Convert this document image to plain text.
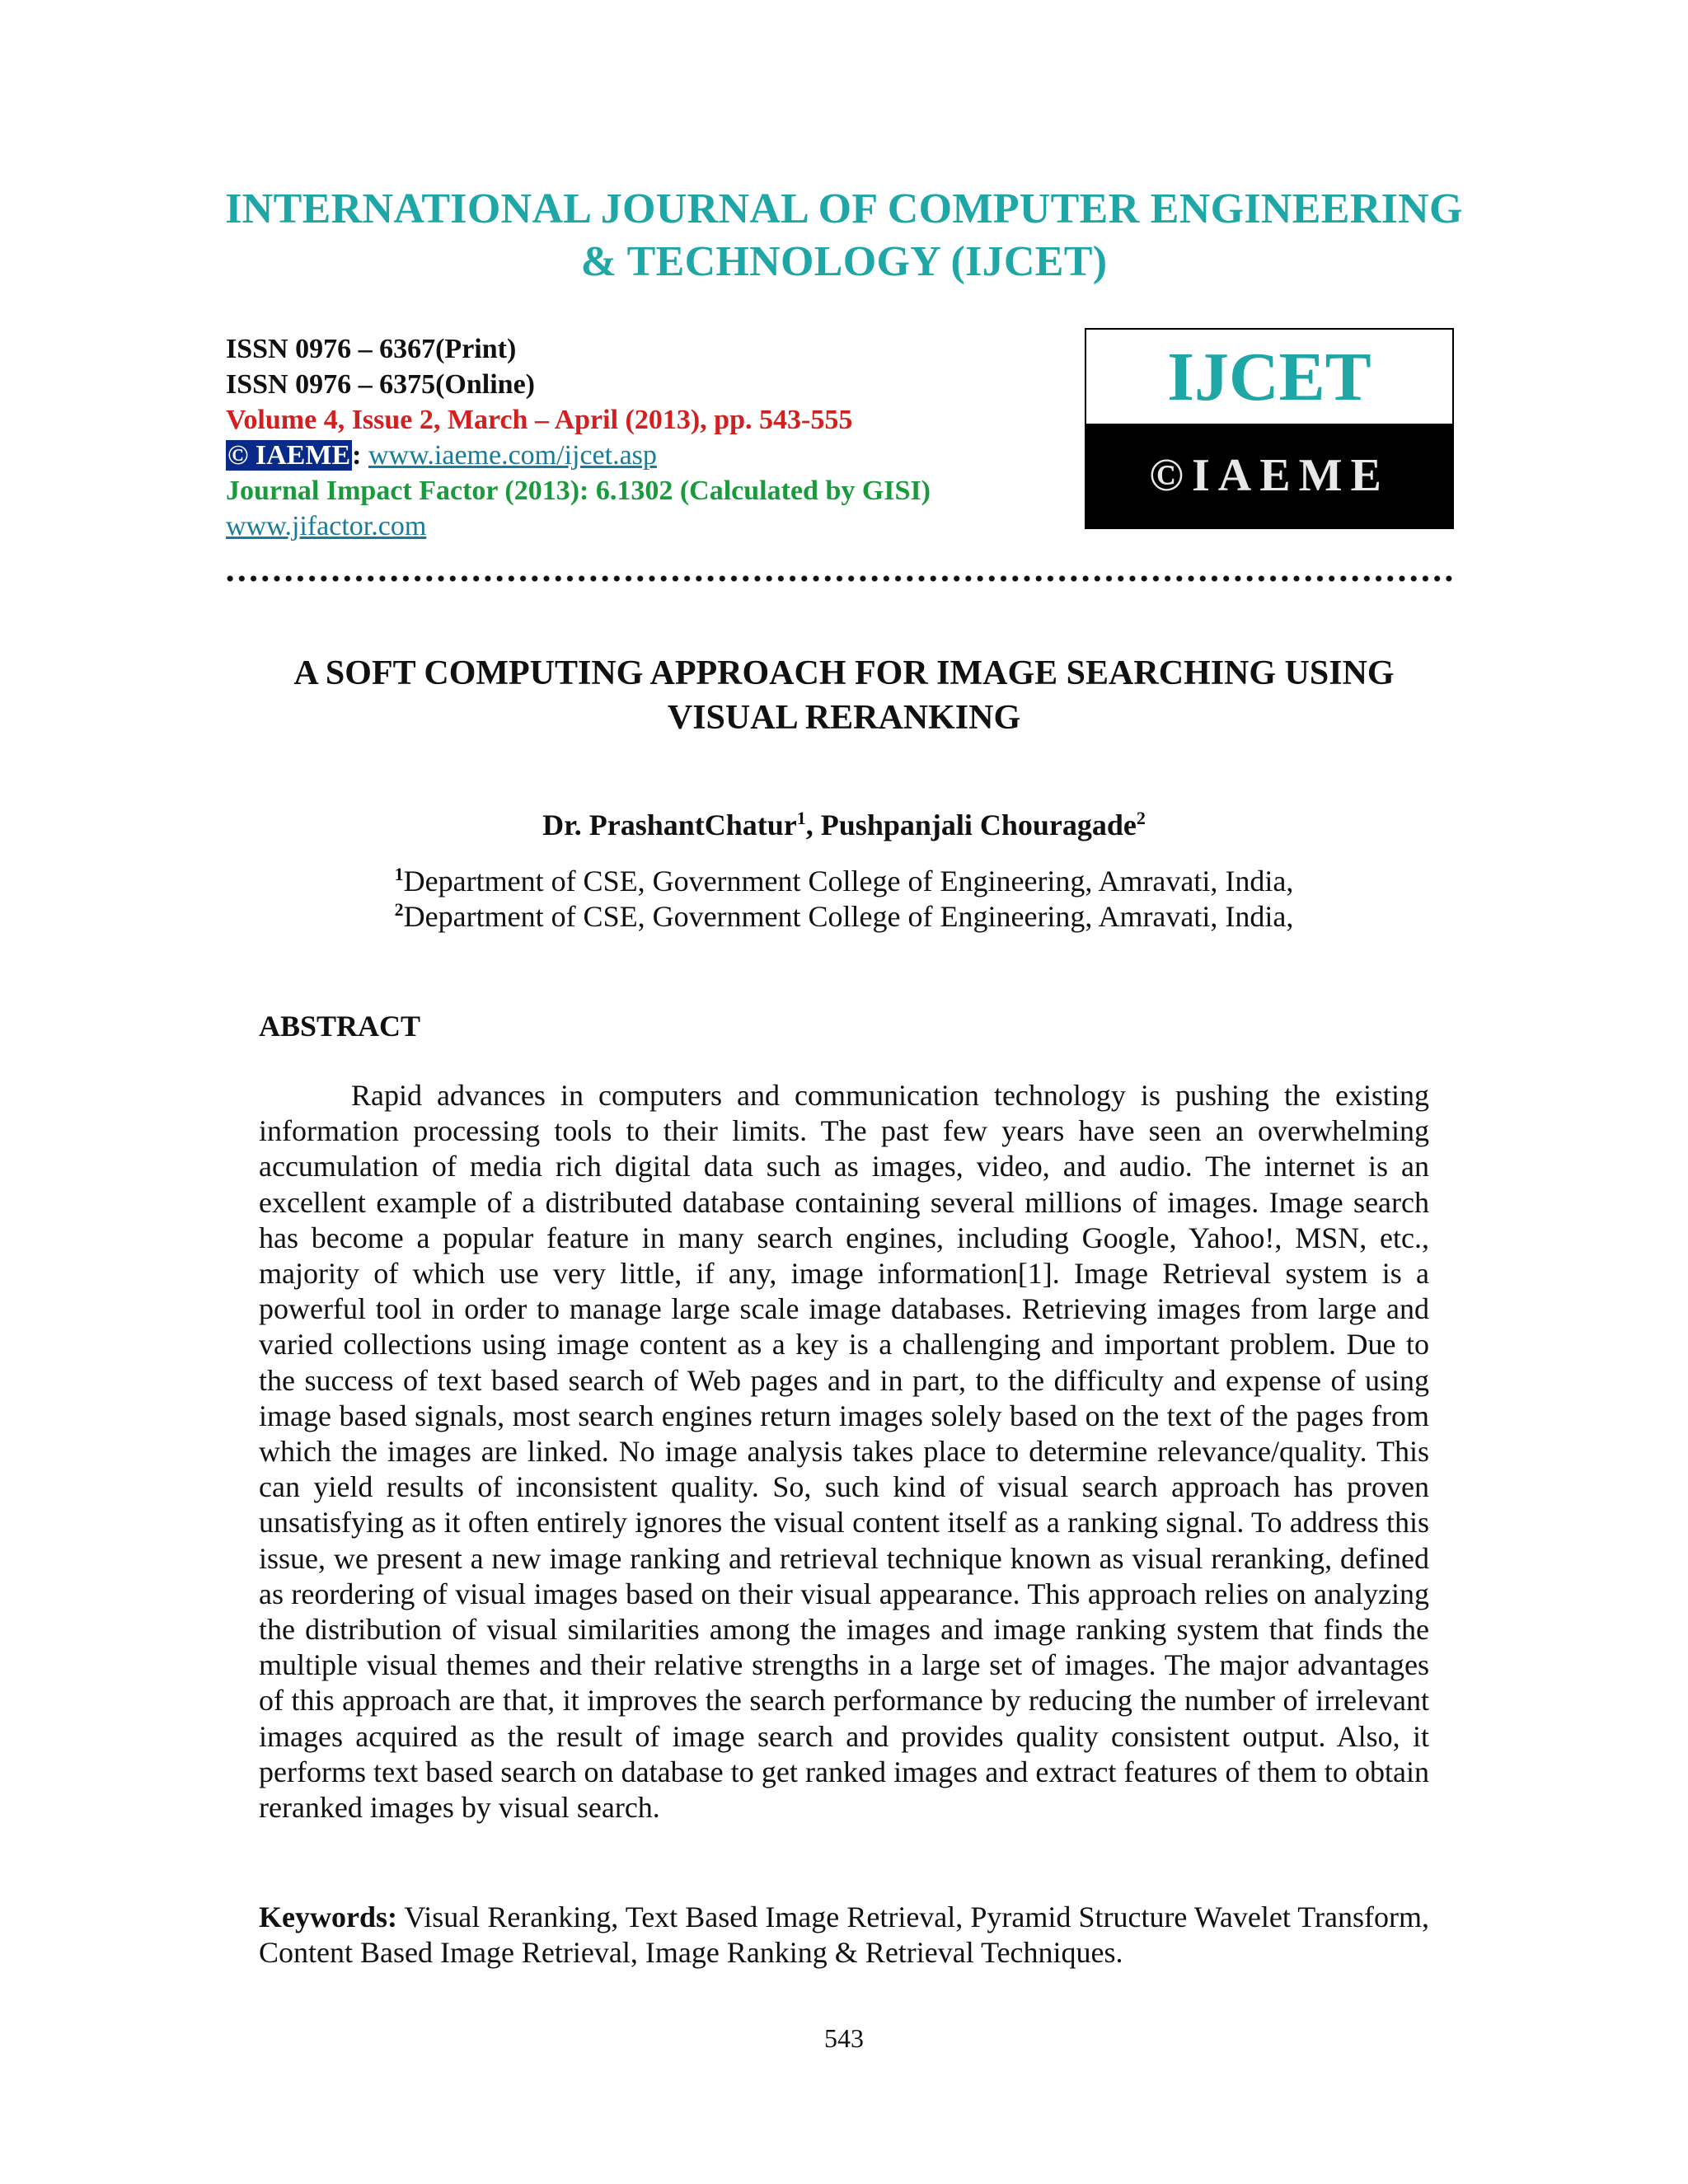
INTERNATIONAL JOURNAL OF COMPUTER ENGINEERING
& TECHNOLOGY (IJCET)
ISSN 0976 – 6367(Print)
ISSN 0976 – 6375(Online)
Volume 4, Issue 2, March – April (2013), pp. 543-555
© IAEME: www.iaeme.com/ijcet.asp
Journal Impact Factor (2013): 6.1302 (Calculated by GISI)
www.jifactor.com
IJCET
©IAEME
A SOFT COMPUTING APPROACH FOR IMAGE SEARCHING USING
VISUAL RERANKING
Dr. PrashantChatur$^1$, Pushpanjali Chouragade$^2$
$^1$Department of CSE, Government College of Engineering, Amravati, India,
$^2$Department of CSE, Government College of Engineering, Amravati, India,
ABSTRACT

Rapid advances in computers and communication technology is pushing the existing information processing tools to their limits. The past few years have seen an overwhelming accumulation of media rich digital data such as images, video, and audio. The internet is an excellent example of a distributed database containing several millions of images. Image search has become a popular feature in many search engines, including Google, Yahoo!, MSN, etc., majority of which use very little, if any, image information[1]. Image Retrieval system is a powerful tool in order to manage large scale image databases. Retrieving images from large and varied collections using image content as a key is a challenging and important problem. Due to the success of text based search of Web pages and in part, to the difficulty and expense of using image based signals, most search engines return images solely based on the text of the pages from which the images are linked. No image analysis takes place to determine relevance/quality. This can yield results of inconsistent quality. So, such kind of visual search approach has proven unsatisfying as it often entirely ignores the visual content itself as a ranking signal. To address this issue, we present a new image ranking and retrieval technique known as visual reranking, defined as reordering of visual images based on their visual appearance. This approach relies on analyzing the distribution of visual similarities among the images and image ranking system that finds the multiple visual themes and their relative strengths in a large set of images. The major advantages of this approach are that, it improves the search performance by reducing the number of irrelevant images acquired as the result of image search and provides quality consistent output. Also, it performs text based search on database to get ranked images and extract features of them to obtain reranked images by visual search.

Keywords: Visual Reranking, Text Based Image Retrieval, Pyramid Structure Wavelet Transform, Content Based Image Retrieval, Image Ranking & Retrieval Techniques.

543
